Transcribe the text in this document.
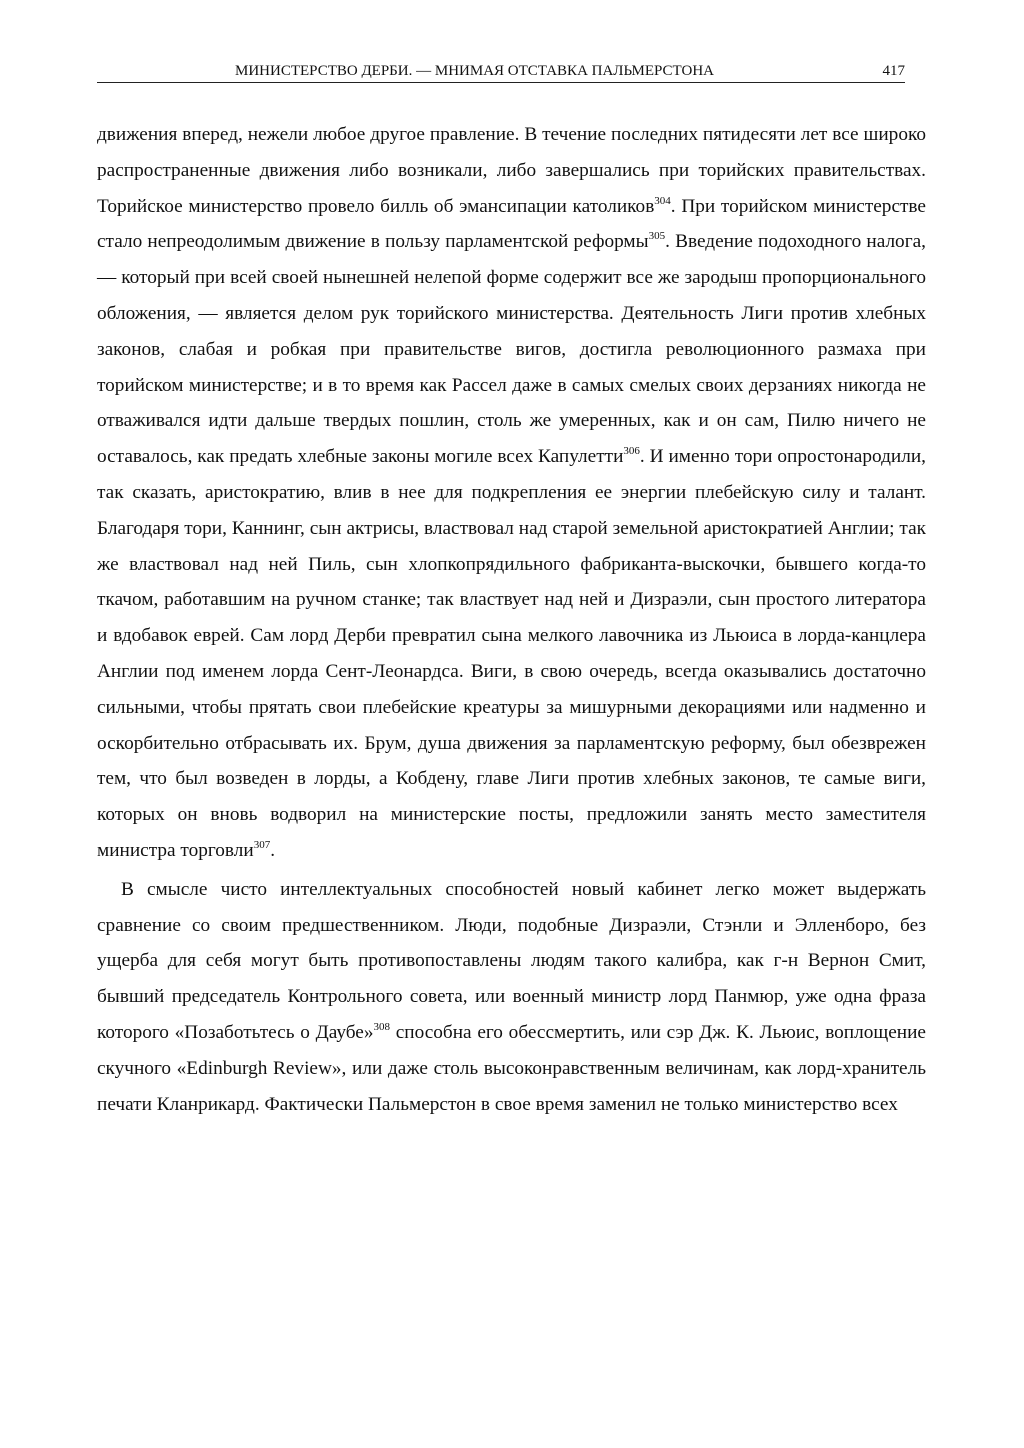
МИНИСТЕРСТВО ДЕРБИ. — МНИМАЯ ОТСТАВКА ПАЛЬМЕРСТОНА	417

движения вперед, нежели любое другое правление. В течение последних пятидесяти лет все широко распространенные движения либо возникали, либо завершались при торийских правительствах. Торийское министерство провело билль об эмансипации католиков$^{304}$. При торийском министерстве стало непреодолимым движение в пользу парламентской реформы$^{305}$. Введение подоходного налога, — который при всей своей нынешней нелепой форме содержит все же зародыш пропорционального обложения, — является делом рук торийского министерства. Деятельность Лиги против хлебных законов, слабая и робкая при правительстве вигов, достигла революционного размаха при торийском министерстве; и в то время как Рассел даже в самых смелых своих дерзаниях никогда не отваживался идти дальше твердых пошлин, столь же умеренных, как и он сам, Пилю ничего не оставалось, как предать хлебные законы могиле всех Капулетти$^{306}$. И именно тори опростонародили, так сказать, аристократию, влив в нее для подкрепления ее энергии плебейскую силу и талант. Благодаря тори, Каннинг, сын актрисы, властвовал над старой земельной аристократией Англии; так же властвовал над ней Пиль, сын хлопкопрядильного фабриканта-выскочки, бывшего когда-то ткачом, работавшим на ручном станке; так властвует над ней и Дизраэли, сын простого литератора и вдобавок еврей. Сам лорд Дерби превратил сына мелкого лавочника из Льюиса в лорда-канцлера Англии под именем лорда Сент-Леонардса. Виги, в свою очередь, всегда оказывались достаточно сильными, чтобы прятать свои плебейские креатуры за мишурными декорациями или надменно и оскорбительно отбрасывать их. Брум, душа движения за парламентскую реформу, был обезврежен тем, что был возведен в лорды, а Кобдену, главе Лиги против хлебных законов, те самые виги, которых он вновь водворил на министерские посты, предложили занять место заместителя министра торговли$^{307}$.

В смысле чисто интеллектуальных способностей новый кабинет легко может выдержать сравнение со своим предшественником. Люди, подобные Дизраэли, Стэнли и Элленборо, без ущерба для себя могут быть противопоставлены людям такого калибра, как г-н Вернон Смит, бывший председатель Контрольного совета, или военный министр лорд Панмюр, уже одна фраза которого «Позаботьтесь о Даубе»$^{308}$ способна его обессмертить, или сэр Дж. К. Льюис, воплощение скучного «Edinburgh Review», или даже столь высоконравственным величинам, как лорд-хранитель печати Кланрикард. Фактически Пальмерстон в свое время заменил не только министерство всех
